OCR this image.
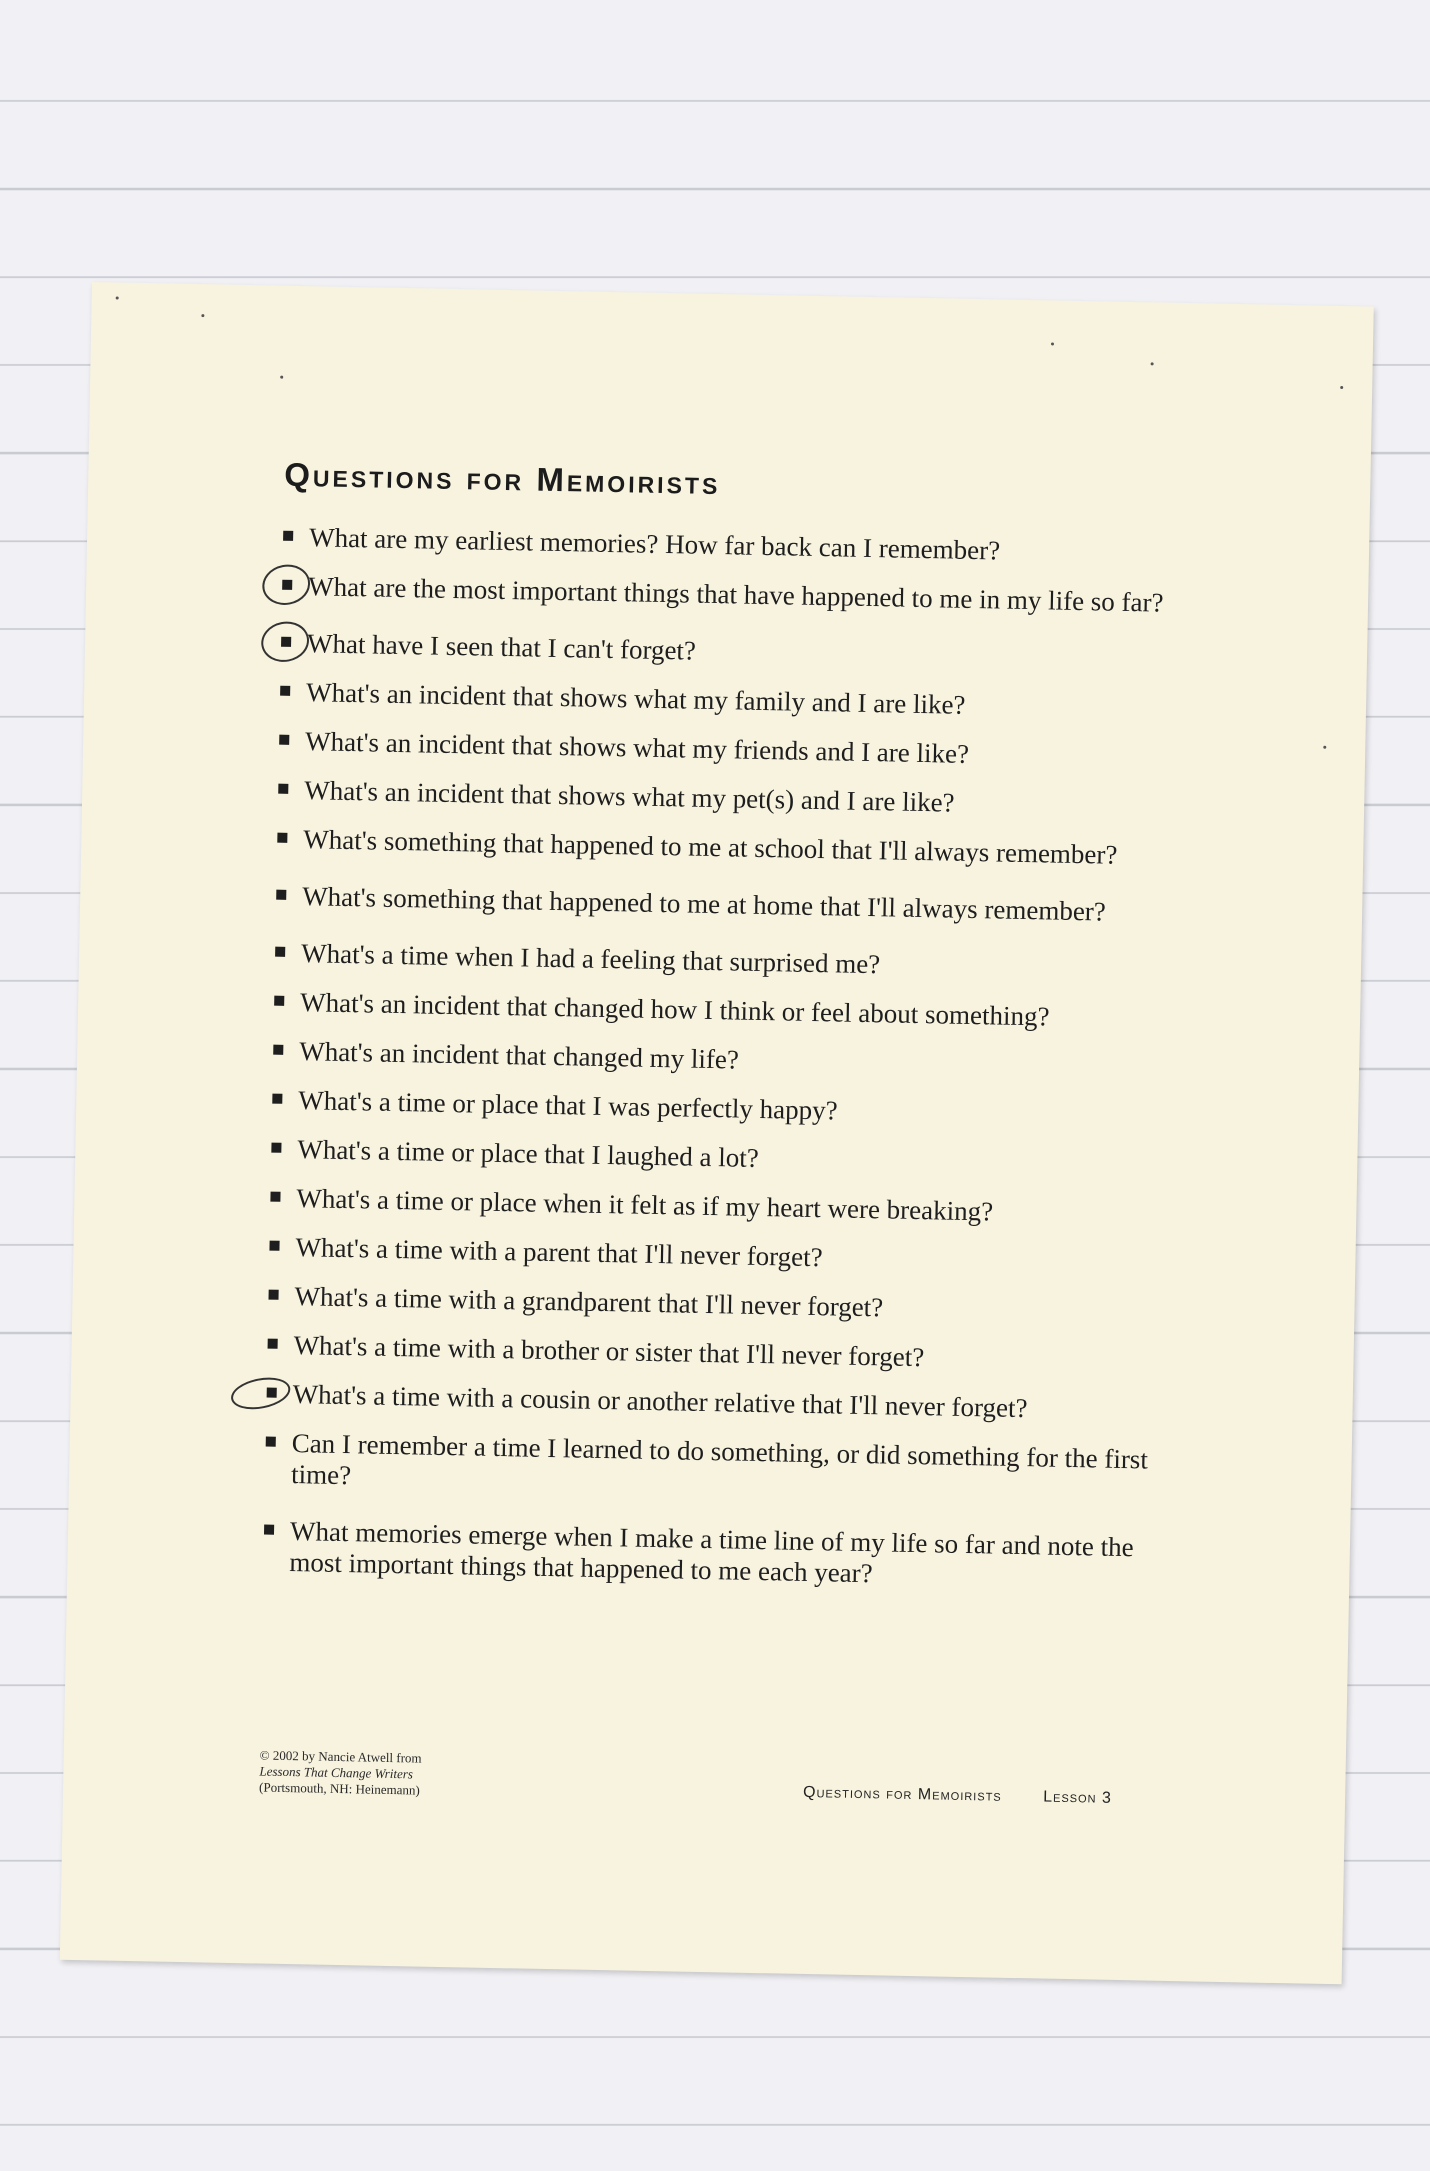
Questions for Memoirists
What are my earliest memories? How far back can I remember?
What are the most important things that have happened to me in my life so far?
What have I seen that I can't forget?
What's an incident that shows what my family and I are like?
What's an incident that shows what my friends and I are like?
What's an incident that shows what my pet(s) and I are like?
What's something that happened to me at school that I'll always remember?
What's something that happened to me at home that I'll always remember?
What's a time when I had a feeling that surprised me?
What's an incident that changed how I think or feel about something?
What's an incident that changed my life?
What's a time or place that I was perfectly happy?
What's a time or place that I laughed a lot?
What's a time or place when it felt as if my heart were breaking?
What's a time with a parent that I'll never forget?
What's a time with a grandparent that I'll never forget?
What's a time with a brother or sister that I'll never forget?
What's a time with a cousin or another relative that I'll never forget?
Can I remember a time I learned to do something, or did something for the first time?
What memories emerge when I make a time line of my life so far and note the most important things that happened to me each year?
© 2002 by Nancie Atwell from
Lessons That Change Writers
(Portsmouth, NH: Heinemann)	Questions for Memoirists	Lesson 3
